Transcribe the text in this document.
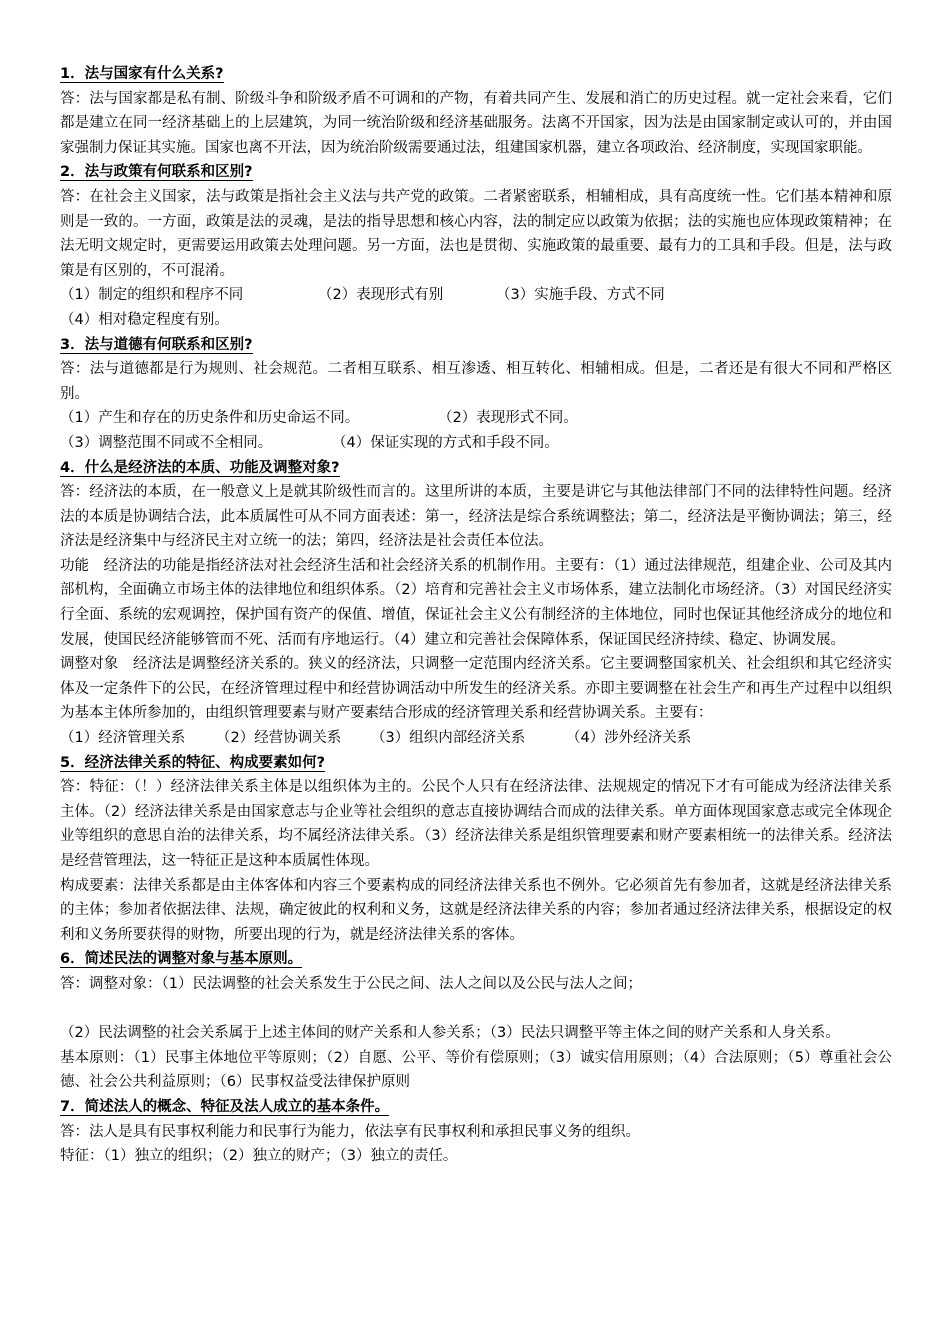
1．法与国家有什么关系?

答：法与国家都是私有制、阶级斗争和阶级矛盾不可调和的产物，有着共同产生、发展和消亡的历史过程。就一定社会来看，它们都是建立在同一经济基础上的上层建筑，为同一统治阶级和经济基础服务。法离不开国家，因为法是由国家制定或认可的，并由国家强制力保证其实施。国家也离不开法，因为统治阶级需要通过法，组建国家机器，建立各项政治、经济制度，实现国家职能。

2．法与政策有何联系和区别?

答：在社会主义国家，法与政策是指社会主义法与共产党的政策。二者紧密联系，相辅相成，具有高度统一性。它们基本精神和原则是一致的。一方面，政策是法的灵魂，是法的指导思想和核心内容，法的制定应以政策为依据；法的实施也应体现政策精神；在法无明文规定时，更需要运用政策去处理问题。另一方面，法也是贯彻、实施政策的最重要、最有力的工具和手段。但是，法与政策是有区别的，不可混淆。

（1）制定的组织和程序不同	（2）表现形式有别	（3）实施手段、方式不同
（4）相对稳定程度有别。
3．法与道德有何联系和区别?

答：法与道德都是行为规则、社会规范。二者相互联系、相互渗透、相互转化、相辅相成。但是，二者还是有很大不同和严格区别。

（1）产生和存在的历史条件和历史命运不同。	（2）表现形式不同。
（3）调整范围不同或不全相同。	（4）保证实现的方式和手段不同。
4．什么是经济法的本质、功能及调整对象?

答：经济法的本质，在一般意义上是就其阶级性而言的。这里所讲的本质，主要是讲它与其他法律部门不同的法律特性问题。经济法的本质是协调结合法，此本质属性可从不同方面表述：第一，经济法是综合系统调整法；第二，经济法是平衡协调法；第三，经济法是经济集中与经济民主对立统一的法；第四，经济法是社会责任本位法。

功能　经济法的功能是指经济法对社会经济生活和社会经济关系的机制作用。主要有：（1）通过法律规范，组建企业、公司及其内部机构，全面确立市场主体的法律地位和组织体系。（2）培育和完善社会主义市场体系，建立法制化市场经济。（3）对国民经济实行全面、系统的宏观调控，保护国有资产的保值、增值，保证社会主义公有制经济的主体地位，同时也保证其他经济成分的地位和发展，使国民经济能够管而不死、活而有序地运行。（4）建立和完善社会保障体系，保证国民经济持续、稳定、协调发展。

调整对象　经济法是调整经济关系的。狭义的经济法，只调整一定范围内经济关系。它主要调整国家机关、社会组织和其它经济实体及一定条件下的公民，在经济管理过程中和经营协调活动中所发生的经济关系。亦即主要调整在社会生产和再生产过程中以组织为基本主体所参加的，由组织管理要素与财产要素结合形成的经济管理关系和经营协调关系。主要有：

（1）经济管理关系	（2）经营协调关系	（3）组织内部经济关系	（4）涉外经济关系
5．经济法律关系的特征、构成要素如何?

答：特征：（！）经济法律关系主体是以组织体为主的。公民个人只有在经济法律、法规规定的情况下才有可能成为经济法律关系主体。（2）经济法律关系是由国家意志与企业等社会组织的意志直接协调结合而成的法律关系。单方面体现国家意志或完全体现企业等组织的意思自治的法律关系，均不属经济法律关系。（3）经济法律关系是组织管理要素和财产要素相统一的法律关系。经济法是经营管理法，这一特征正是这种本质属性体现。

构成要素：法律关系都是由主体客体和内容三个要素构成的同经济法律关系也不例外。它必须首先有参加者，这就是经济法律关系的主体；参加者依据法律、法规，确定彼此的权利和义务，这就是经济法律关系的内容；参加者通过经济法律关系，根据设定的权利和义务所要获得的财物，所要出现的行为，就是经济法律关系的客体。

6．简述民法的调整对象与基本原则。

答：调整对象：（1）民法调整的社会关系发生于公民之间、法人之间以及公民与法人之间；

（2）民法调整的社会关系属于上述主体间的财产关系和人参关系；（3）民法只调整平等主体之间的财产关系和人身关系。

基本原则：（1）民事主体地位平等原则；（2）自愿、公平、等价有偿原则；（3）诚实信用原则；（4）合法原则；（5）尊重社会公德、社会公共利益原则；（6）民事权益受法律保护原则

7．简述法人的概念、特征及法人成立的基本条件。

答：法人是具有民事权利能力和民事行为能力，依法享有民事权利和承担民事义务的组织。

特征：（1）独立的组织；（2）独立的财产；（3）独立的责任。
